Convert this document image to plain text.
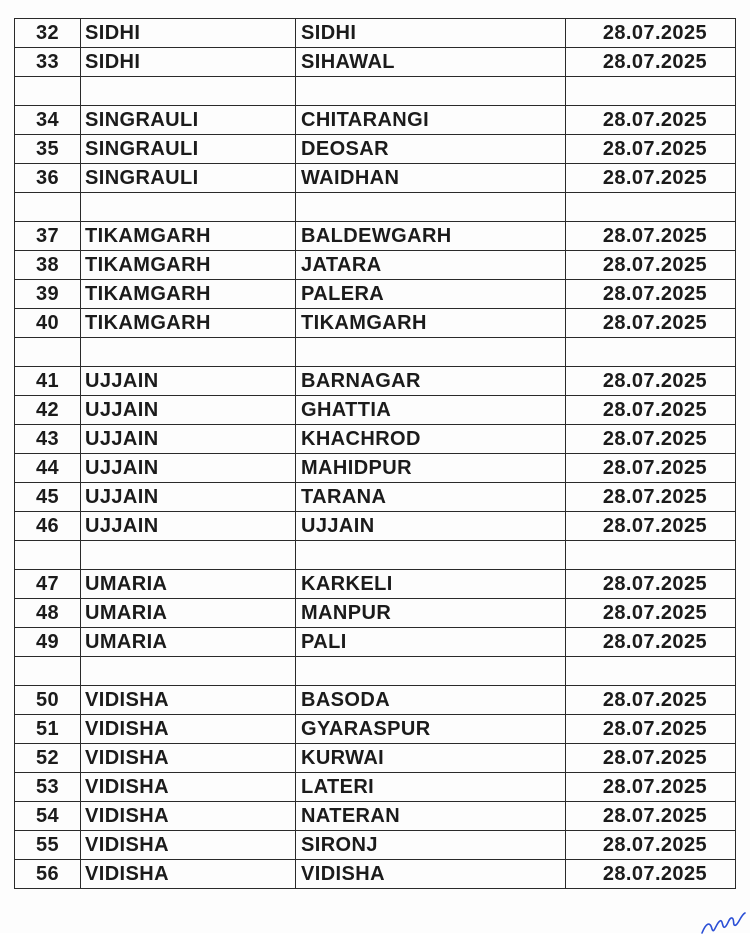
32	SIDHI	SIDHI	28.07.2025
33	SIDHI	SIHAWAL	28.07.2025

34	SINGRAULI	CHITARANGI	28.07.2025
35	SINGRAULI	DEOSAR	28.07.2025
36	SINGRAULI	WAIDHAN	28.07.2025

37	TIKAMGARH	BALDEWGARH	28.07.2025
38	TIKAMGARH	JATARA	28.07.2025
39	TIKAMGARH	PALERA	28.07.2025
40	TIKAMGARH	TIKAMGARH	28.07.2025

41	UJJAIN	BARNAGAR	28.07.2025
42	UJJAIN	GHATTIA	28.07.2025
43	UJJAIN	KHACHROD	28.07.2025
44	UJJAIN	MAHIDPUR	28.07.2025
45	UJJAIN	TARANA	28.07.2025
46	UJJAIN	UJJAIN	28.07.2025

47	UMARIA	KARKELI	28.07.2025
48	UMARIA	MANPUR	28.07.2025
49	UMARIA	PALI	28.07.2025

50	VIDISHA	BASODA	28.07.2025
51	VIDISHA	GYARASPUR	28.07.2025
52	VIDISHA	KURWAI	28.07.2025
53	VIDISHA	LATERI	28.07.2025
54	VIDISHA	NATERAN	28.07.2025
55	VIDISHA	SIRONJ	28.07.2025
56	VIDISHA	VIDISHA	28.07.2025
